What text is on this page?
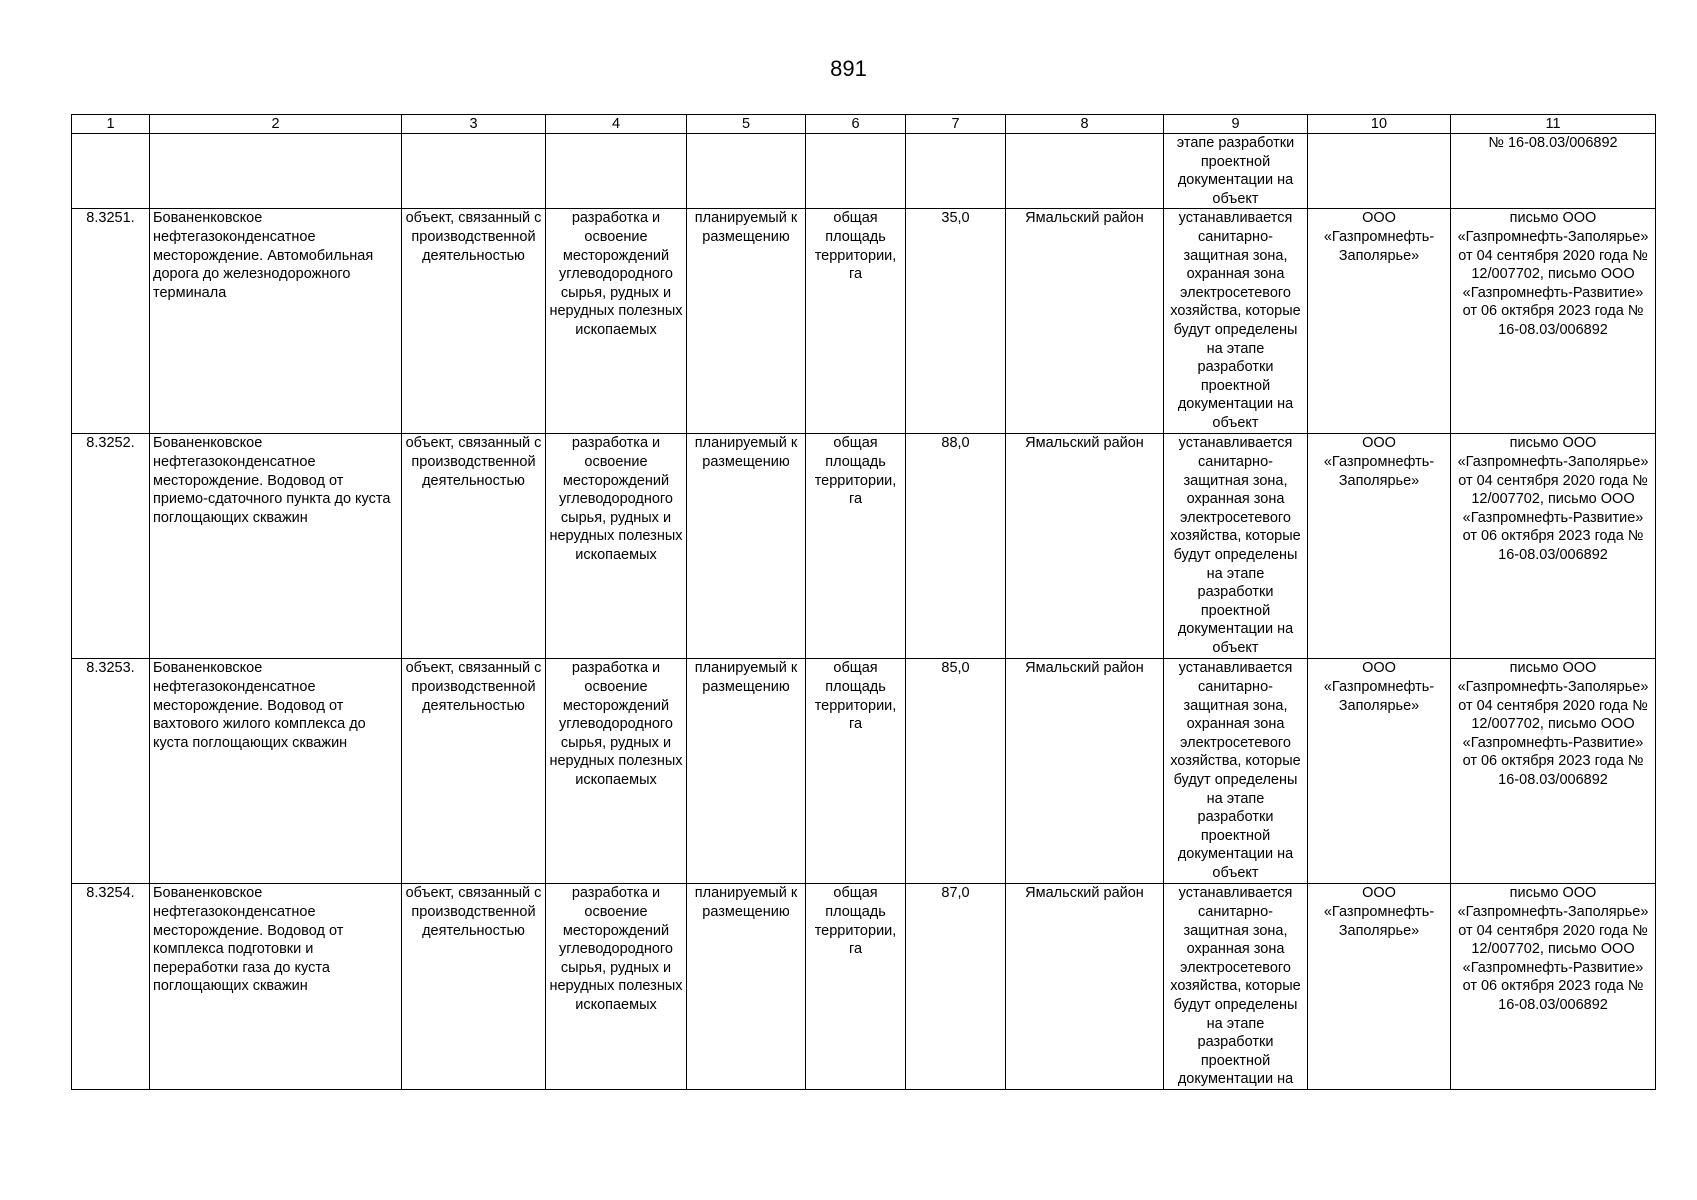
891
1	2	3	4	5	6	7	8	9	10	11
								этапе разработки проектной документации на объект		№ 16-08.03/006892
8.3251.	Бованенковское нефтегазоконденсатное месторождение. Автомобильная дорога до железнодорожного терминала	объект, связанный с производственной деятельностью	разработка и освоение месторождений углеводородного сырья, рудных и нерудных полезных ископаемых	планируемый к размещению	общая площадь территории, га	35,0	Ямальский район	устанавливается санитарно-защитная зона, охранная зона электросетевого хозяйства, которые будут определены на этапе разработки проектной документации на объект	ООО «Газпромнефть-Заполярье»	письмо ООО «Газпромнефть-Заполярье» от 04 сентября 2020 года № 12/007702, письмо ООО «Газпромнефть-Развитие» от 06 октября 2023 года № 16-08.03/006892
8.3252.	Бованенковское нефтегазоконденсатное месторождение. Водовод от приемо-сдаточного пункта до куста поглощающих скважин	объект, связанный с производственной деятельностью	разработка и освоение месторождений углеводородного сырья, рудных и нерудных полезных ископаемых	планируемый к размещению	общая площадь территории, га	88,0	Ямальский район	устанавливается санитарно-защитная зона, охранная зона электросетевого хозяйства, которые будут определены на этапе разработки проектной документации на объект	ООО «Газпромнефть-Заполярье»	письмо ООО «Газпромнефть-Заполярье» от 04 сентября 2020 года № 12/007702, письмо ООО «Газпромнефть-Развитие» от 06 октября 2023 года № 16-08.03/006892
8.3253.	Бованенковское нефтегазоконденсатное месторождение. Водовод от вахтового жилого комплекса до куста поглощающих скважин	объект, связанный с производственной деятельностью	разработка и освоение месторождений углеводородного сырья, рудных и нерудных полезных ископаемых	планируемый к размещению	общая площадь территории, га	85,0	Ямальский район	устанавливается санитарно-защитная зона, охранная зона электросетевого хозяйства, которые будут определены на этапе разработки проектной документации на объект	ООО «Газпромнефть-Заполярье»	письмо ООО «Газпромнефть-Заполярье» от 04 сентября 2020 года № 12/007702, письмо ООО «Газпромнефть-Развитие» от 06 октября 2023 года № 16-08.03/006892
8.3254.	Бованенковское нефтегазоконденсатное месторождение. Водовод от комплекса подготовки и переработки газа до куста поглощающих скважин	объект, связанный с производственной деятельностью	разработка и освоение месторождений углеводородного сырья, рудных и нерудных полезных ископаемых	планируемый к размещению	общая площадь территории, га	87,0	Ямальский район	устанавливается санитарно-защитная зона, охранная зона электросетевого хозяйства, которые будут определены на этапе разработки проектной документации на	ООО «Газпромнефть-Заполярье»	письмо ООО «Газпромнефть-Заполярье» от 04 сентября 2020 года № 12/007702, письмо ООО «Газпромнефть-Развитие» от 06 октября 2023 года № 16-08.03/006892
